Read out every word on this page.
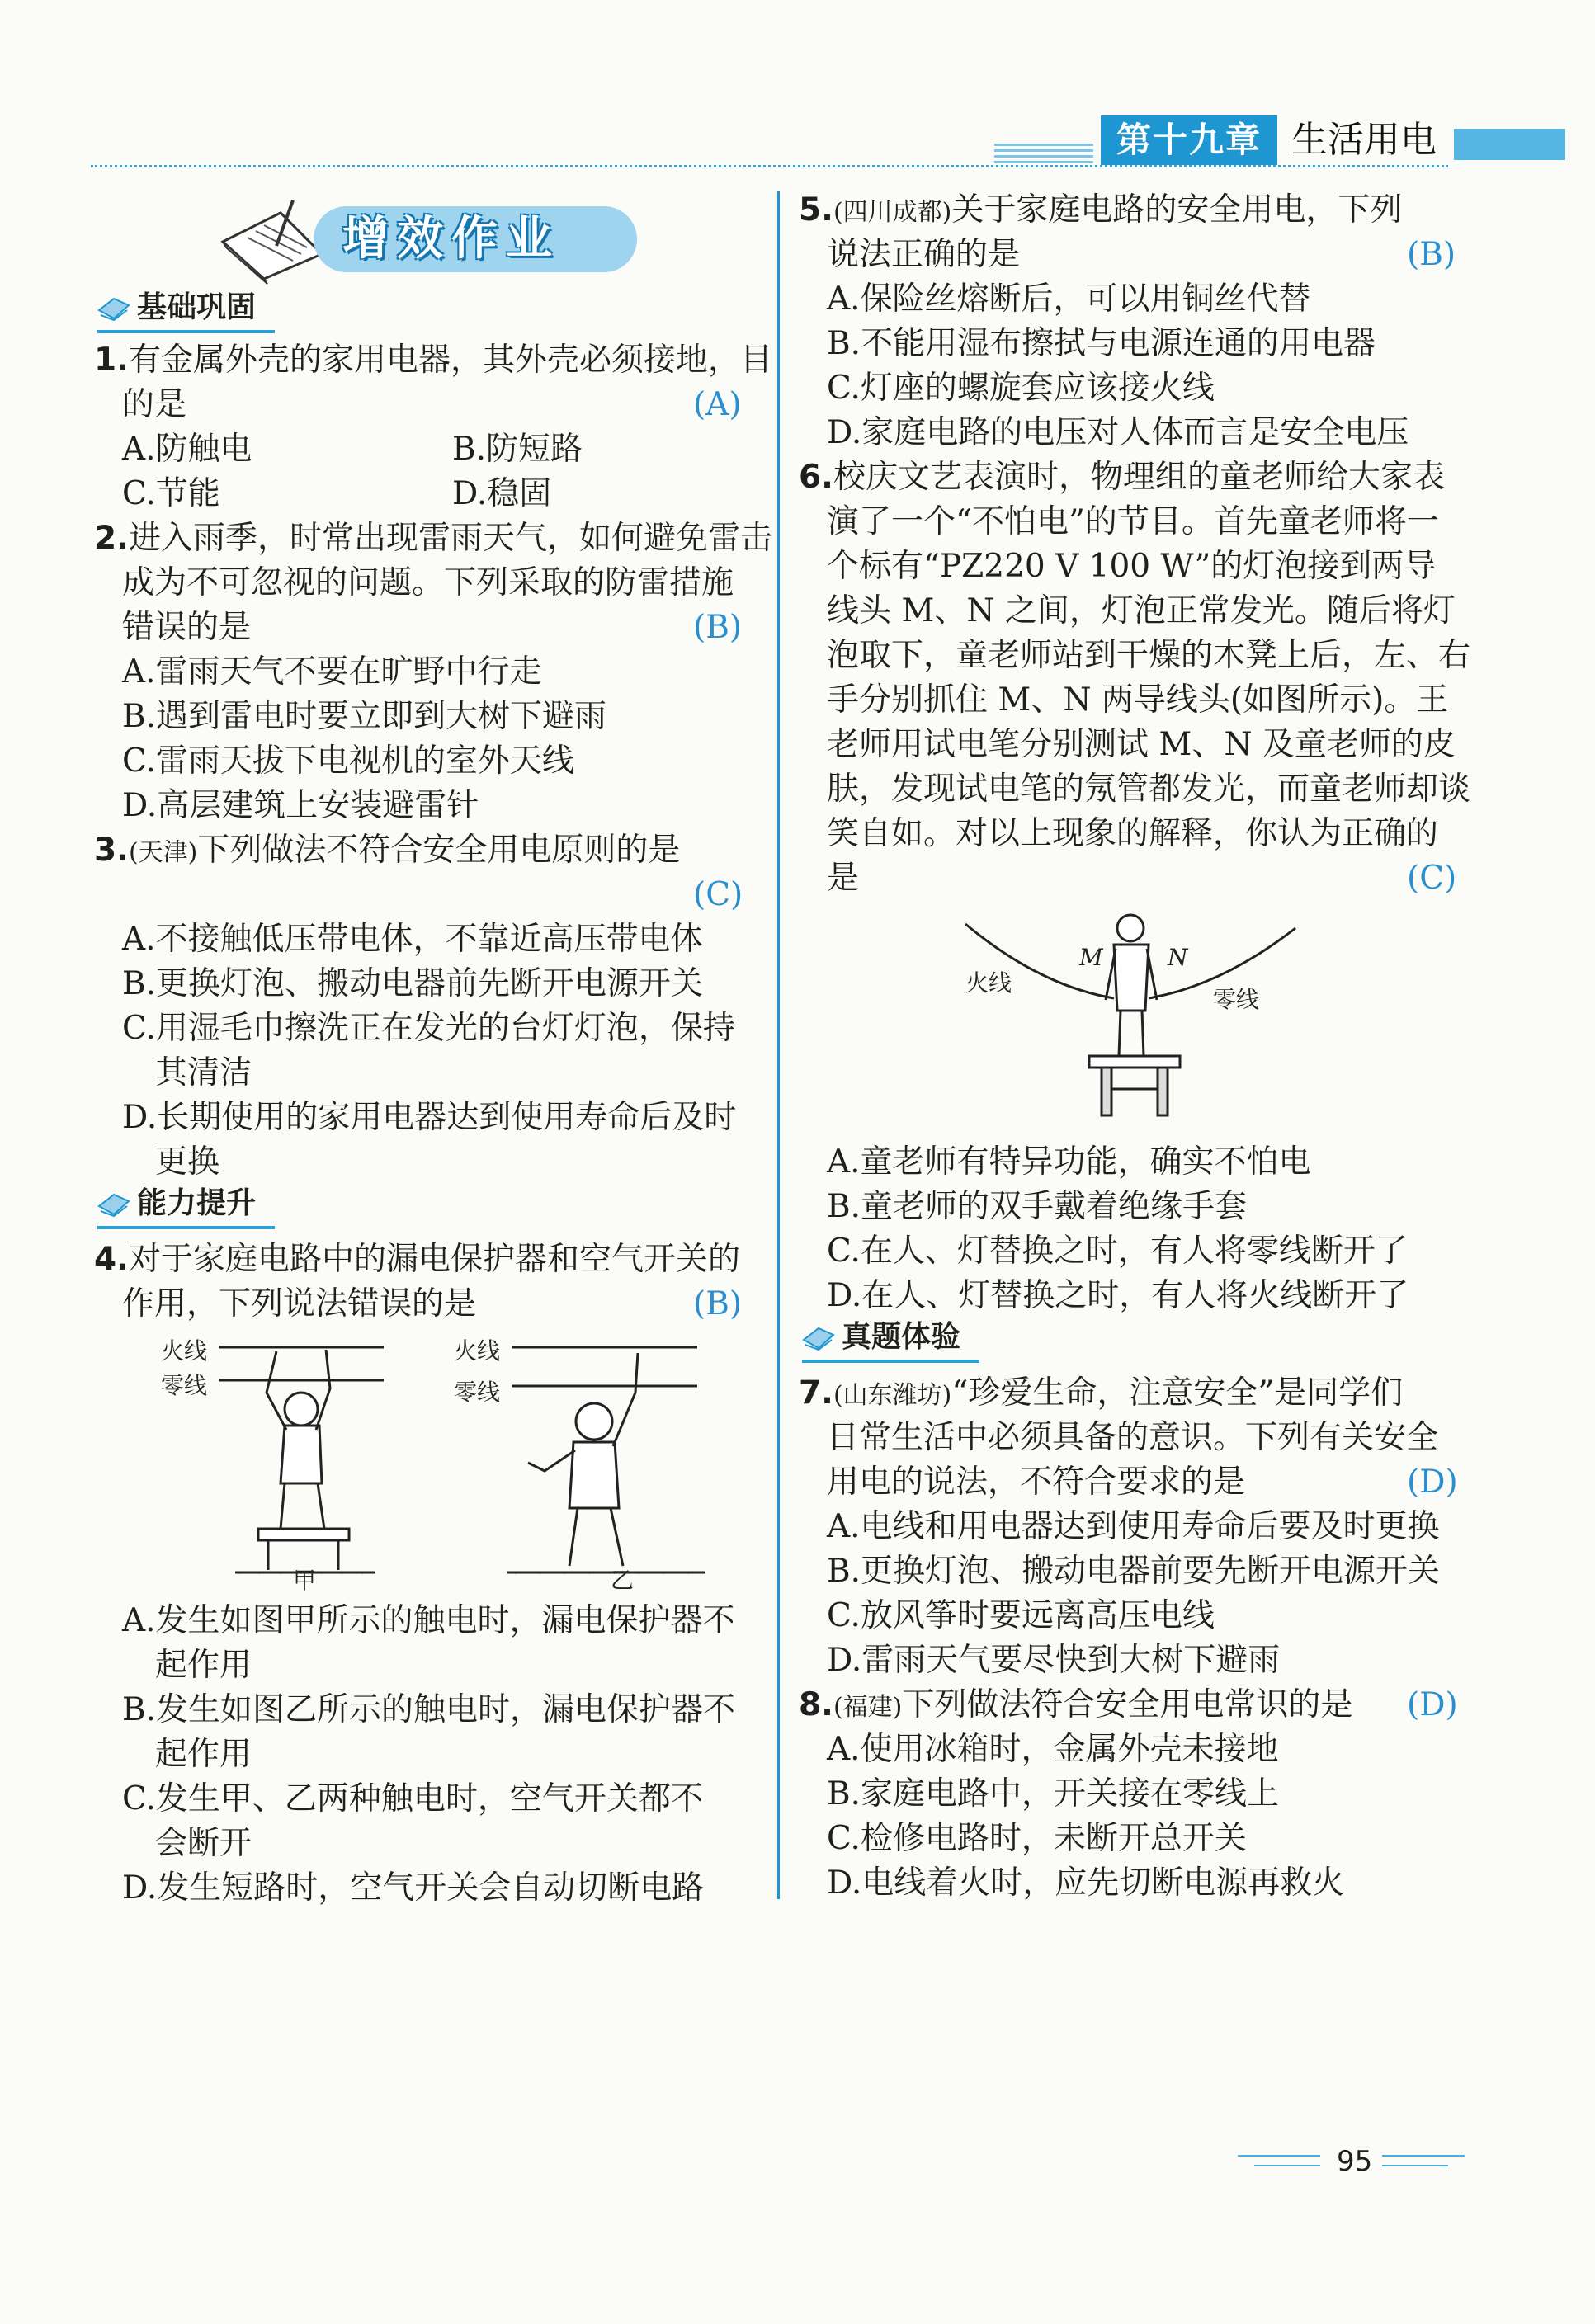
第十九章 生活用电
增效作业
基础巩固
1.有金属外壳的家用电器，其外壳必须接地，目
的是	(A)
A.防触电	B.防短路
C.节能	D.稳固
2.进入雨季，时常出现雷雨天气，如何避免雷击
成为不可忽视的问题。下列采取的防雷措施
错误的是	(B)
A.雷雨天气不要在旷野中行走
B.遇到雷电时要立即到大树下避雨
C.雷雨天拔下电视机的室外天线
D.高层建筑上安装避雷针
3.(天津)下列做法不符合安全用电原则的是
(C)
A.不接触低压带电体，不靠近高压带电体
B.更换灯泡、搬动电器前先断开电源开关
C.用湿毛巾擦洗正在发光的台灯灯泡，保持
其清洁
D.长期使用的家用电器达到使用寿命后及时
更换
能力提升
4.对于家庭电路中的漏电保护器和空气开关的
作用，下列说法错误的是	(B)
火线
零线
火线
零线
甲	乙
A.发生如图甲所示的触电时，漏电保护器不
起作用
B.发生如图乙所示的触电时，漏电保护器不
起作用
C.发生甲、乙两种触电时，空气开关都不
会断开
D.发生短路时，空气开关会自动切断电路
5.(四川成都)关于家庭电路的安全用电，下列
说法正确的是	(B)
A.保险丝熔断后，可以用铜丝代替
B.不能用湿布擦拭与电源连通的用电器
C.灯座的螺旋套应该接火线
D.家庭电路的电压对人体而言是安全电压
6.校庆文艺表演时，物理组的童老师给大家表
演了一个“不怕电”的节目。首先童老师将一
个标有“PZ220 V 100 W”的灯泡接到两导
线头 M、N 之间，灯泡正常发光。随后将灯
泡取下，童老师站到干燥的木凳上后，左、右
手分别抓住 M、N 两导线头(如图所示)。王
老师用试电笔分别测试 M、N 及童老师的皮
肤，发现试电笔的氖管都发光，而童老师却谈
笑自如。对以上现象的解释，你认为正确的
是	(C)
M	N
火线
零线
A.童老师有特异功能，确实不怕电
B.童老师的双手戴着绝缘手套
C.在人、灯替换之时，有人将零线断开了
D.在人、灯替换之时，有人将火线断开了
真题体验
7.(山东潍坊)“珍爱生命，注意安全”是同学们
日常生活中必须具备的意识。下列有关安全
用电的说法，不符合要求的是	(D)
A.电线和用电器达到使用寿命后要及时更换
B.更换灯泡、搬动电器前要先断开电源开关
C.放风筝时要远离高压电线
D.雷雨天气要尽快到大树下避雨
8.(福建)下列做法符合安全用电常识的是 (D)
A.使用冰箱时，金属外壳未接地
B.家庭电路中，开关接在零线上
C.检修电路时，未断开总开关
D.电线着火时，应先切断电源再救火
95
